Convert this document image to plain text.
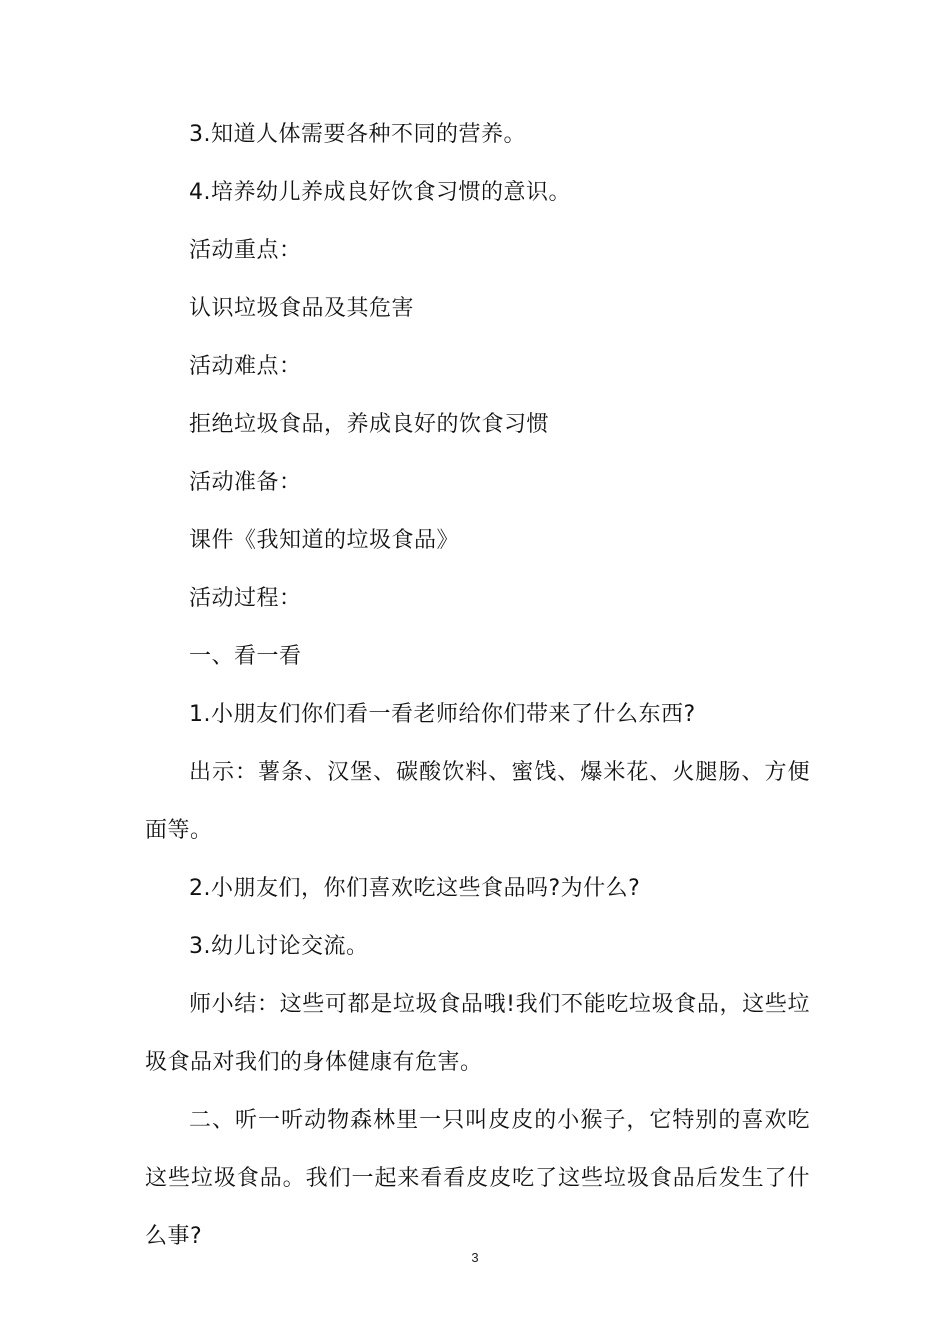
3.知道人体需要各种不同的营养。

4.培养幼儿养成良好饮食习惯的意识。

活动重点：

认识垃圾食品及其危害

活动难点：

拒绝垃圾食品，养成良好的饮食习惯

活动准备：

课件《我知道的垃圾食品》

活动过程：

一、看一看

1.小朋友们你们看一看老师给你们带来了什么东西?

出示：薯条、汉堡、碳酸饮料、蜜饯、爆米花、火腿肠、方便面等。

2.小朋友们，你们喜欢吃这些食品吗?为什么?

3.幼儿讨论交流。

师小结：这些可都是垃圾食品哦!我们不能吃垃圾食品，这些垃圾食品对我们的身体健康有危害。

二、听一听动物森林里一只叫皮皮的小猴子，它特别的喜欢吃这些垃圾食品。我们一起来看看皮皮吃了这些垃圾食品后发生了什么事?

3
